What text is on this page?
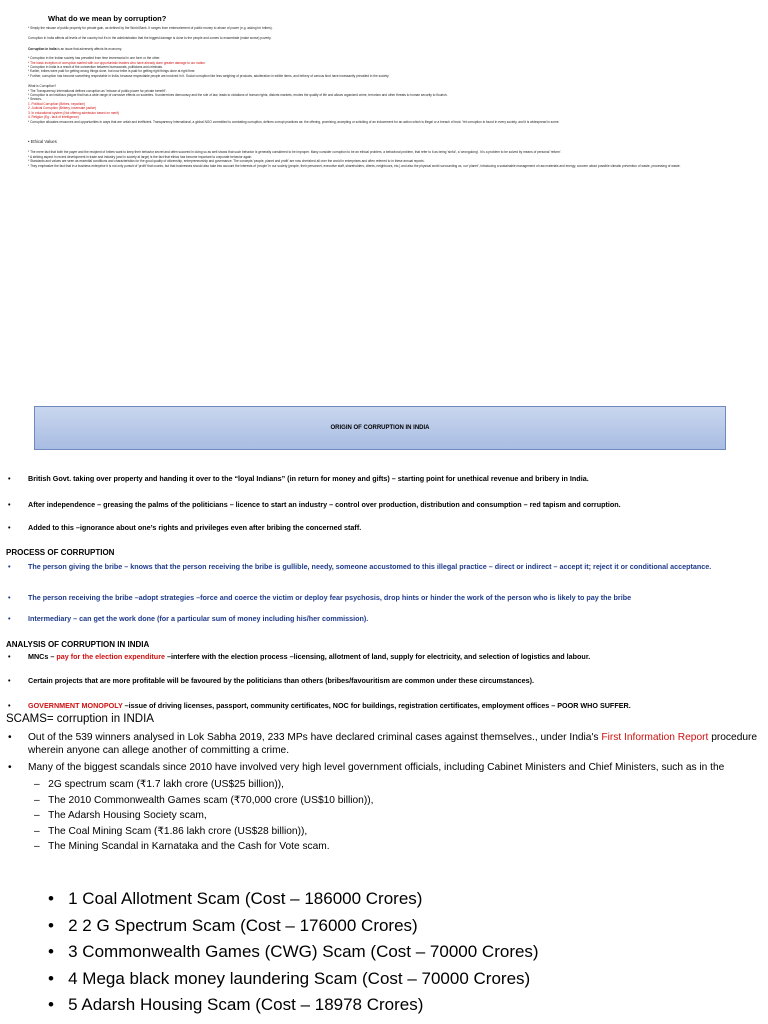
What do we mean by corruption?

* Simply the misuse of public property for private gain, as defined by the World Bank. It ranges from embezzlement of public money to abuse of power (e.g. asking for bribes).

Corruption in India affects all levels of the country but it's in the administration that the biggest damage is done to the people and comes to exacerbate (make worse) poverty.

Corruption in India is an issue that adversely affects its economy.

* Corruption in the Indian society has prevailed from time immemorial in one form or the other.

* The basic inception of corruption started with our opportunistic leaders who have already done greater damage to our nation.

* Corruption in India is a result of the connection between bureaucrats, politicians and criminals.

* Earlier, bribes were paid for getting wrong things done, but now bribe is paid for getting right things done at right time.

* Further, corruption has become something respectable in India, because respectable people are involved in it. Social corruption like less weighing of products, adulteration in edible items, and bribery of various kind have incessantly prevailed in the society.

What is Corruption?

* The Transparency International defines corruption as "misuse of public power for private benefit".

* Corruption is an insidious plague that has a wide range of corrosive effects on societies. It undermines democracy and the rule of law, leads to violations of human rights, distorts markets, erodes the quality of life and allows organized crime, terrorism and other threats to human security to flourish.

* Sectors-

1. Political Corruption (Bribes, nepotism)

2. Judicial Corruption (Bribery, insensate justice)

3. In educational system (Not offering admission based on merit)

4. Religion (Eg - lack of intelligence)

* Corruption allocates resources and opportunities in ways that are unfair and inefficient. Transparency International, a global NGO committed to combating corruption, defines corrupt practices as: the offering, promising, accepting or soliciting of an inducement for an action which is illegal or a breach of trust. Yet corruption is found in every society, and it is widespread in some.

• Ethical Values

* The mere fact that both the payer and the recipient of bribes want to keep their behavior secret and often succeed in doing so as well shows that such behavior is generally considered to be improper. Many consider corruption to be an ethical problem, a behavioral problem, that refer to it as being 'sinful', a 'wrongdoing'. It is a problem to be solved by means of personal 'reform'.

* A striking aspect in recent development in trade and industry (and in society at large) is the fact that ethics has become important to corporate behavior again.

* Standards and values are seen as essential conditions and characteristics for the good quality of citizenship, entrepreneurship and governance. The concepts 'people, planet and profit' are now cherished all over the world in enterprises and often referred to in these annual reports.

* They emphasize the fact that in a business enterprise it is not only pursuit of 'profit' that counts, but that businesses should also take into account the interests of 'people' in our society (people, their personnel, executive staff, shareholders, clients, neighbours, etc.) and also the physical world surrounding us, our 'planet', introducing a sustainable management of raw materials and energy, concern about possible climatic prevention of waste, processing of waste.

ORIGIN OF CORRUPTION IN INDIA
• British Govt. taking over property and handing it over to the “loyal Indians” (in return for money and gifts) – starting point for unethical revenue and bribery in India.
• After independence – greasing the palms of the politicians – licence to start an industry – control over production, distribution and consumption – red tapism and corruption.
• Added to this –ignorance about one’s rights and privileges even after bribing the concerned staff.
PROCESS OF CORRUPTION
• The person giving the bribe – knows that the person receiving the bribe is gullible, needy, someone accustomed to this illegal practice – direct or indirect – accept it; reject it or conditional acceptance.
• The person receiving the bribe –adopt strategies –force and coerce the victim or deploy fear psychosis, drop hints or hinder the work of the person who is likely to pay the bribe
• Intermediary – can get the work done (for a particular sum of money including his/her commission).
ANALYSIS OF CORRUPTION IN INDIA
• MNCs – pay for the election expenditure –interfere with the election process –licensing, allotment of land, supply for electricity, and selection of logistics and labour.
• Certain projects that are more profitable will be favoured by the politicians than others (bribes/favouritism are common under these circumstances).
• GOVERNMENT MONOPOLY –issue of driving licenses, passport, community certificates, NOC for buildings, registration certificates, employment offices – POOR WHO SUFFER.
SCAMS= corruption in INDIA
• Out of the 539 winners analysed in Lok Sabha 2019, 233 MPs have declared criminal cases against themselves., under India's First Information Report procedure wherein anyone can allege another of committing a crime.
• Many of the biggest scandals since 2010 have involved very high level government officials, including Cabinet Ministers and Chief Ministers, such as in the
–   2G spectrum scam (₹1.7 lakh crore (US$25 billion)),
–   The 2010 Commonwealth Games scam (₹70,000 crore (US$10 billion)),
–   The Adarsh Housing Society scam,
–   The Coal Mining Scam (₹1.86 lakh crore (US$28 billion)),
–   The Mining Scandal in Karnataka and the Cash for Vote scam.
•   1 Coal Allotment Scam (Cost – 186000 Crores)
•   2 2 G Spectrum Scam (Cost – 176000 Crores)
•   3 Commonwealth Games (CWG) Scam (Cost – 70000 Crores)
•   4 Mega black money laundering Scam (Cost – 70000 Crores)
•   5 Adarsh Housing Scam (Cost – 18978 Crores)
